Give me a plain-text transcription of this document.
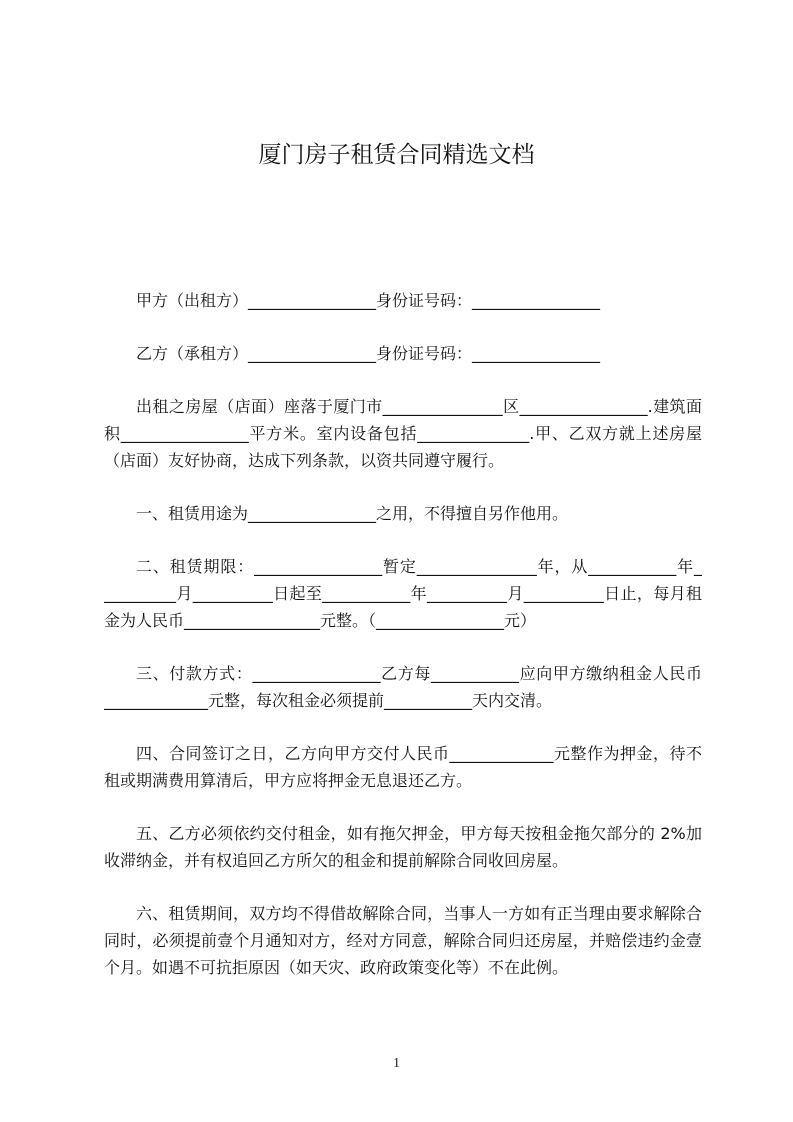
厦门房子租赁合同精选文档
甲方（出租方）________________身份证号码：________________
乙方（承租方）________________身份证号码：________________
出租之房屋（店面）座落于厦门市_______________区________________.建筑面
积________________平方米。室内设备包括______________.甲、乙双方就上述房屋
（店面）友好协商，达成下列条款，以资共同遵守履行。
一、租赁用途为________________之用，不得擅自另作他用。
二、租赁期限：________________暂定_______________年，从___________年_
_________月__________日起至___________年__________月__________日止，每月租
金为人民币_________________元整。（________________元）
三、付款方式：________________乙方每___________应向甲方缴纳租金人民币
_____________元整，每次租金必须提前___________天内交清。
四、合同签订之日，乙方向甲方交付人民币_____________元整作为押金，待不
租或期满费用算清后，甲方应将押金无息退还乙方。
五、乙方必须依约交付租金，如有拖欠押金，甲方每天按租金拖欠部分的 2%加
收滞纳金，并有权追回乙方所欠的租金和提前解除合同收回房屋。
六、租赁期间，双方均不得借故解除合同，当事人一方如有正当理由要求解除合
同时，必须提前壹个月通知对方，经对方同意，解除合同归还房屋，并赔偿违约金壹
个月。如遇不可抗拒原因（如天灾、政府政策变化等）不在此例。
1
